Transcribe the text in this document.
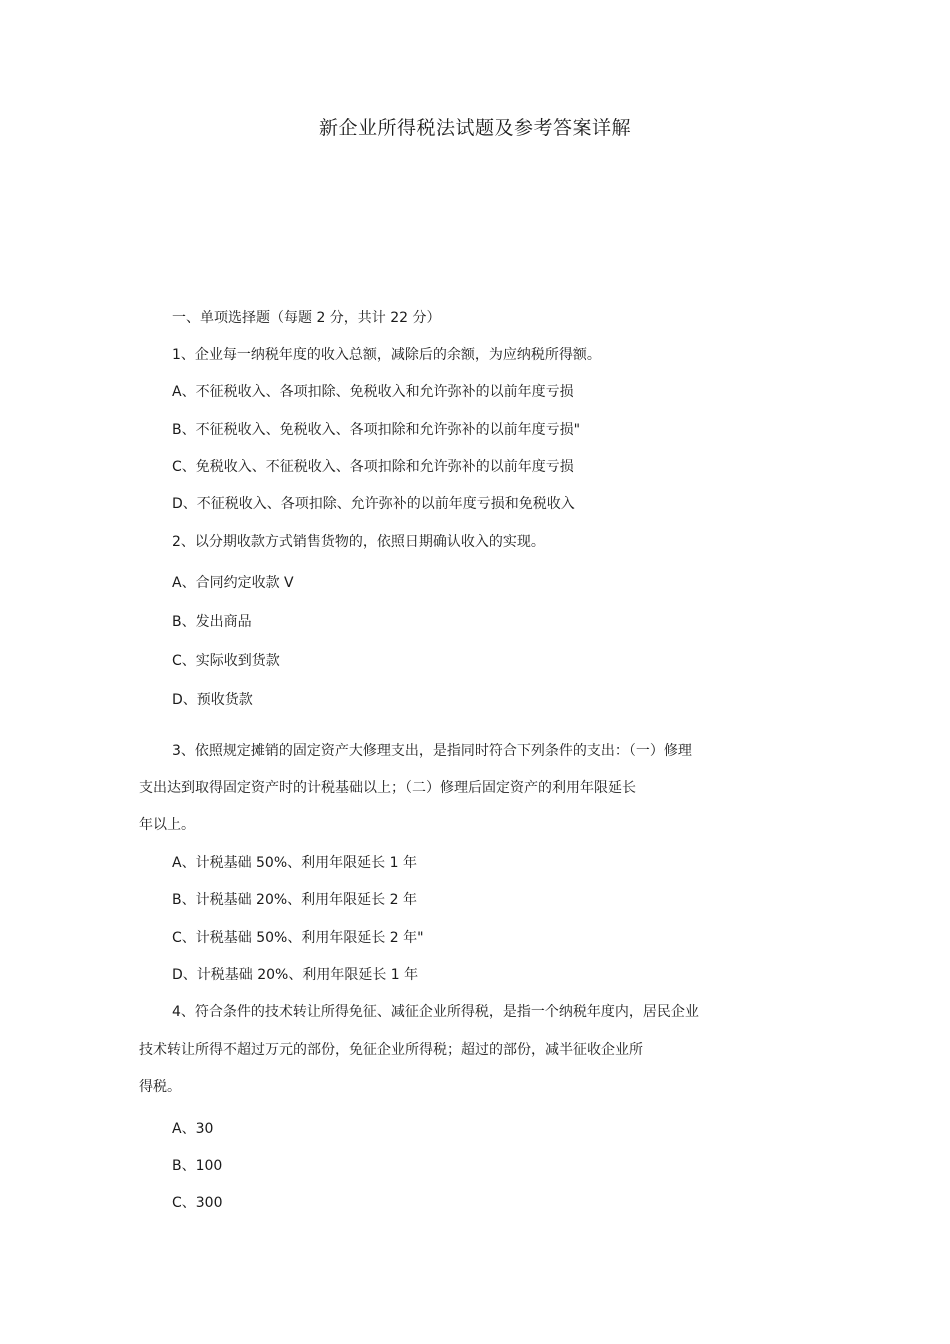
新企业所得税法试题及参考答案详解
一、单项选择题（每题 2 分，共计 22 分）
1、企业每一纳税年度的收入总额，减除后的余额，为应纳税所得额。
A、不征税收入、各项扣除、免税收入和允许弥补的以前年度亏损
B、不征税收入、免税收入、各项扣除和允许弥补的以前年度亏损"
C、免税收入、不征税收入、各项扣除和允许弥补的以前年度亏损
D、不征税收入、各项扣除、允许弥补的以前年度亏损和免税收入
2、以分期收款方式销售货物的，依照日期确认收入的实现。
A、合同约定收款 V
B、发出商品
C、实际收到货款
D、预收货款
3、依照规定摊销的固定资产大修理支出，是指同时符合下列条件的支出：（一）修理
支出达到取得固定资产时的计税基础以上；（二）修理后固定资产的利用年限延长
年以上。
A、计税基础 50%、利用年限延长 1 年
B、计税基础 20%、利用年限延长 2 年
C、计税基础 50%、利用年限延长 2 年"
D、计税基础 20%、利用年限延长 1 年
4、符合条件的技术转让所得免征、减征企业所得税，是指一个纳税年度内，居民企业
技术转让所得不超过万元的部份，免征企业所得税；超过的部份，减半征收企业所
得税。
A、30
B、100
C、300
